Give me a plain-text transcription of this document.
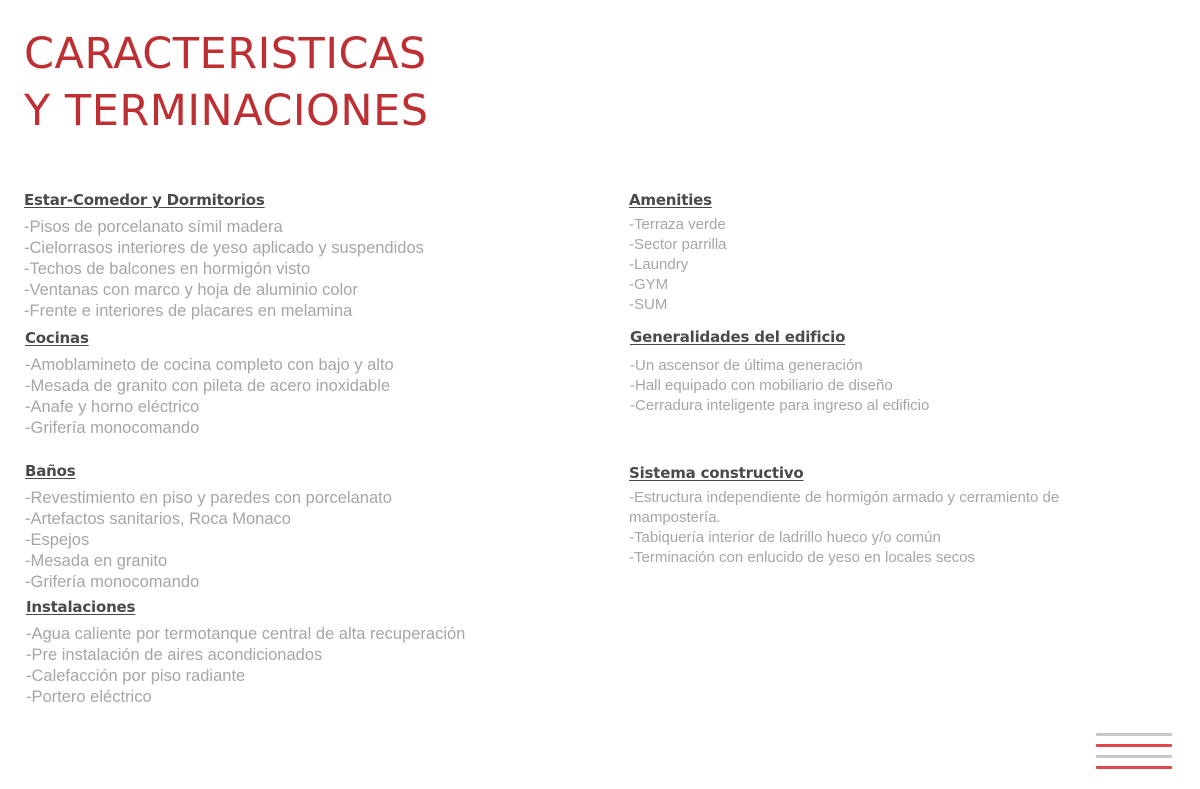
CARACTERISTICAS
Y TERMINACIONES
Estar-Comedor y Dormitorios
-Pisos de porcelanato símil madera
-Cielorrasos interiores de yeso aplicado y suspendidos
-Techos de balcones en hormigón visto
-Ventanas con marco y hoja de aluminio color
-Frente e interiores de placares en melamina
Cocinas
-Amoblamineto de cocina completo con bajo y alto
-Mesada de granito con pileta de acero inoxidable
-Anafe y horno eléctrico
-Grifería monocomando
Baños
-Revestimiento en piso y paredes con porcelanato
-Artefactos sanitarios, Roca Monaco
-Espejos
-Mesada en granito
-Grifería monocomando
Instalaciones
-Agua caliente por termotanque central de alta recuperación
-Pre instalación de aires acondicionados
-Calefacción por piso radiante
-Portero eléctrico
Amenities
-Terraza verde
-Sector parrilla
-Laundry
-GYM
-SUM
Generalidades del edificio
-Un ascensor de última generación
-Hall equipado con mobiliario de diseño
-Cerradura inteligente para ingreso al edificio
Sistema constructivo
-Estructura independiente de hormigón armado y cerramiento de mampostería.
-Tabiquería interior de ladrillo hueco y/o común
-Terminación con enlucido de yeso en locales secos
